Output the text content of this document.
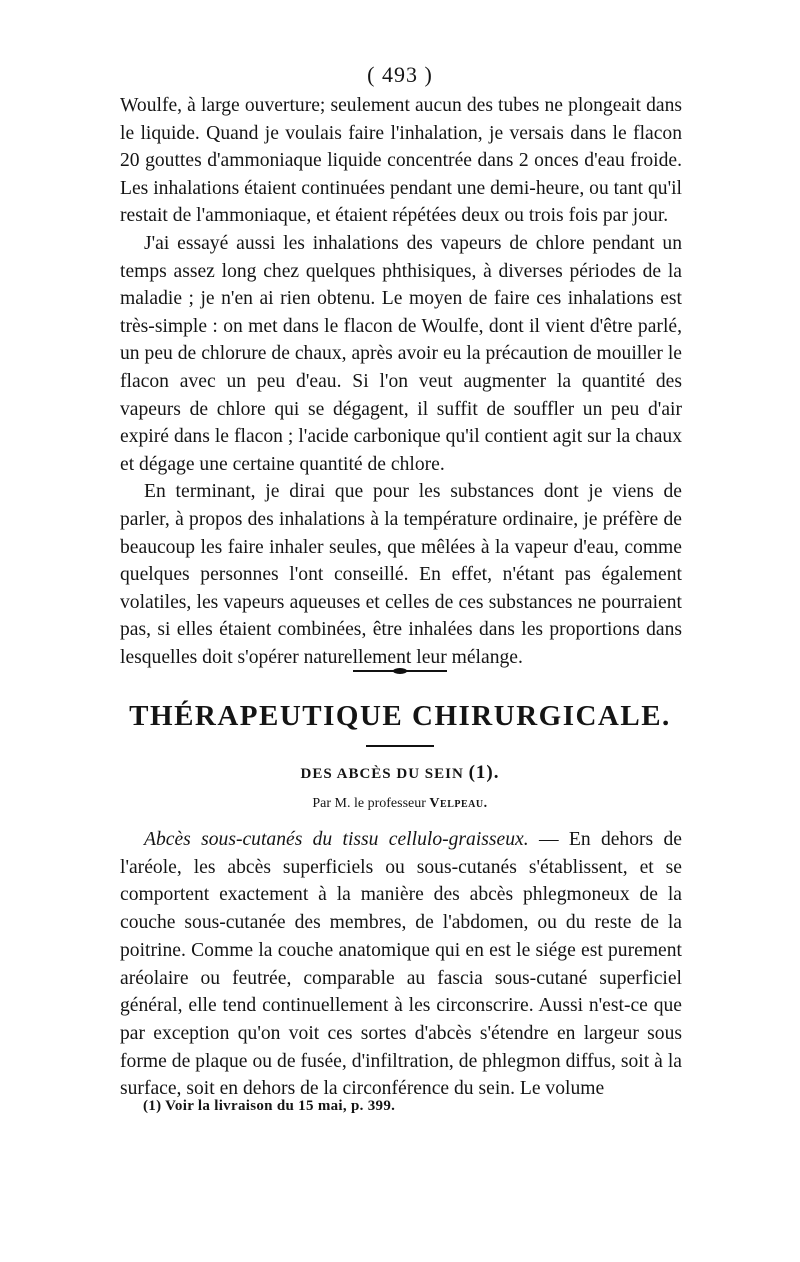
( 493 )

Woulfe, à large ouverture; seulement aucun des tubes ne plongeait dans le liquide. Quand je voulais faire l'inhalation, je versais dans le flacon 20 gouttes d'ammoniaque liquide concentrée dans 2 onces d'eau froide. Les inhalations étaient continuées pendant une demi-heure, ou tant qu'il restait de l'ammoniaque, et étaient répétées deux ou trois fois par jour.

J'ai essayé aussi les inhalations des vapeurs de chlore pendant un temps assez long chez quelques phthisiques, à diverses périodes de la maladie ; je n'en ai rien obtenu. Le moyen de faire ces inhalations est très-simple : on met dans le flacon de Woulfe, dont il vient d'être parlé, un peu de chlorure de chaux, après avoir eu la précaution de mouiller le flacon avec un peu d'eau. Si l'on veut augmenter la quantité des vapeurs de chlore qui se dégagent, il suffit de souffler un peu d'air expiré dans le flacon ; l'acide carbonique qu'il contient agit sur la chaux et dégage une certaine quantité de chlore.

En terminant, je dirai que pour les substances dont je viens de parler, à propos des inhalations à la température ordinaire, je préfère de beaucoup les faire inhaler seules, que mêlées à la vapeur d'eau, comme quelques personnes l'ont conseillé. En effet, n'étant pas également volatiles, les vapeurs aqueuses et celles de ces substances ne pourraient pas, si elles étaient combinées, être inhalées dans les proportions dans lesquelles doit s'opérer naturellement leur mélange.

THÉRAPEUTIQUE CHIRURGICALE.
DES ABCÈS DU SEIN (1).
Par M. le professeur Velpeau.

Abcès sous-cutanés du tissu cellulo-graisseux. — En dehors de l'aréole, les abcès superficiels ou sous-cutanés s'établissent, et se comportent exactement à la manière des abcès phlegmoneux de la couche sous-cutanée des membres, de l'abdomen, ou du reste de la poitrine. Comme la couche anatomique qui en est le siége est purement aréolaire ou feutrée, comparable au fascia sous-cutané superficiel général, elle tend continuellement à les circonscrire. Aussi n'est-ce que par exception qu'on voit ces sortes d'abcès s'étendre en largeur sous forme de plaque ou de fusée, d'infiltration, de phlegmon diffus, soit à la surface, soit en dehors de la circonférence du sein. Le volume

(1) Voir la livraison du 15 mai, p. 399.
